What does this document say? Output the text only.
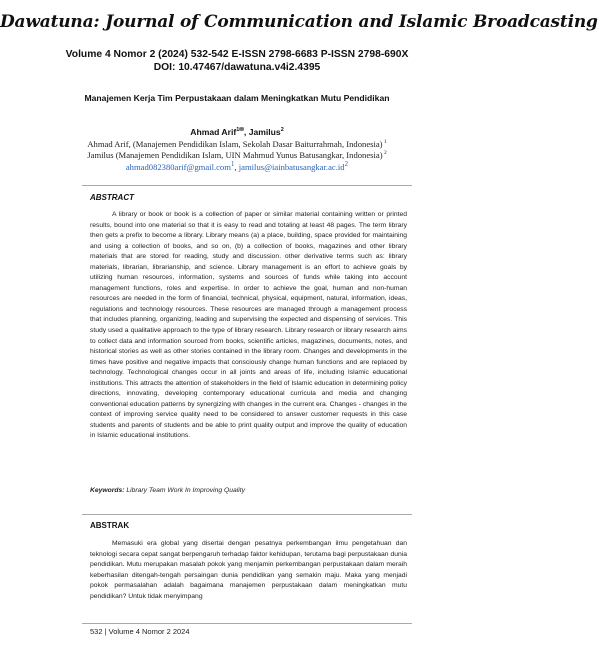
Dawatuna: Journal of Communication and Islamic Broadcasting
Volume 4 Nomor 2 (2024) 532-542 E-ISSN 2798-6683 P-ISSN 2798-690X DOI: 10.47467/dawatuna.v4i2.4395
Manajemen Kerja Tim Perpustakaan dalam Meningkatkan Mutu Pendidikan
Ahmad Arif$^{1✉}$, Jamilus$^2$
Ahmad Arif, (Manajemen Pendidikan Islam, Sekolah Dasar Baiturrahmah, Indonesia) $^1$
Jamilus (Manajemen Pendidikan Islam, UIN Mahmud Yunus Batusangkar, Indonesia) $^2$
ahmad082380arif@gmail.com$^1$, $jamilus@iainbatusangkar.ac.id^2$
ABSTRACT

A library or book or book is a collection of paper or similar material containing written or printed results, bound into one material so that it is easy to read and totaling at least 48 pages. The term library then gets a prefix to become a library. Library means (a) a place, building, space provided for maintaining and using a collection of books, and so on, (b) a collection of books, magazines and other library materials that are stored for reading, study and discussion. other derivative terms such as: library materials, librarian, librarianship, and science. Library management is an effort to achieve goals by utilizing human resources, information, systems and sources of funds while taking into account management functions, roles and expertise. In order to achieve the goal, human and non-human resources are needed in the form of financial, technical, physical, equipment, natural, information, ideas, regulations and technology resources. These resources are managed through a management process that includes planning, organizing, leading and supervising the expected and dispensing of services. This study used a qualitative approach to the type of library research. Library research or library research aims to collect data and information sourced from books, scientific articles, magazines, documents, notes, and historical stories as well as other stories contained in the library room. Changes and developments in the times have positive and negative impacts that consciously change human functions and are replaced by technology. Technological changes occur in all joints and areas of life, including Islamic educational institutions. This attracts the attention of stakeholders in the field of Islamic education in determining policy directions, innovating, developing contemporary educational curricula and media and changing conventional education patterns by synergizing with changes in the current era. Changes - changes in the context of improving service quality need to be considered to answer customer requests in this case students and parents of students and be able to print quality output and improve the quality of education in Islamic educational institutions.

Keywords: Library Team Work In Improving Quality
ABSTRAK

Memasuki era global yang disertai dengan pesatnya perkembangan ilmu pengetahuan dan teknologi secara cepat sangat berpengaruh terhadap faktor kehidupan, terutama bagi perpustakaan dunia pendidikan. Mutu merupakan masalah pokok yang menjamin perkembangan perpustakaan dalam meraih keberhasilan ditengah-tengah persaingan dunia pendidikan yang semakin maju. Maka yang menjadi pokok permasalahan adalah bagaimana manajemen perpustakaan dalam meningkatkan mutu pendidikan? Untuk tidak menyimpang

532 | Volume 4 Nomor 2 2024
